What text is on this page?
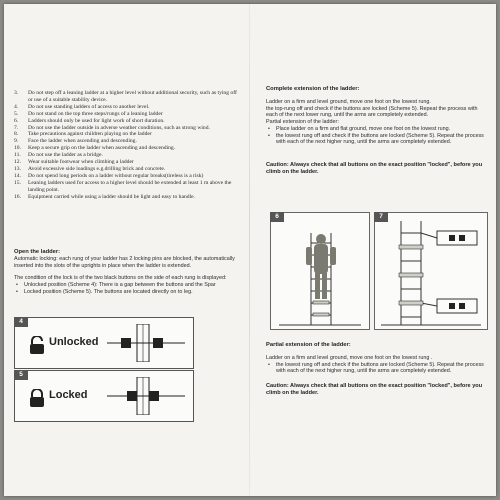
3. Do not step off a leaning ladder at a higher level without additional security, such as tying off
or use of a suitable stability device.
4. Do not use standing ladders of access to another level.
5. Do not stand on the top three steps/rungs of a leaning ladder
6. Ladders should only be used for light work of short duration.
7. Do not use the ladder outside in adverse weather conditions, such as strong wind.
8. Take precautions against children playing on the ladder
9. Face the ladder when ascending and descending.
10. Keep a secure grip on the ladder when ascending and descending.
11. Do not use the ladder as a bridge.
12. Wear suitable footwear when climbing a ladder
13. Avoid excessive side loadings e.g.drilling brick and concrete.
14. Do not spend long periods on a ladder without regular breaks(tireless is a risk)
15. Leaning ladders used for access to a higher level should be extended at least 1 m above the
landing point.
16. Equipment carried while using a ladder should be light and easy to handle.
Open the ladder:
Automatic locking: each rung of your ladder has 2 locking pins are blocked, the automatically inserted into the slots of the uprights in place when the ladder is extended.
The condition of the lock is of the two black buttons on the side of each rung is displayed:
• Unlocked position (Scheme 4): There is a gap between the buttons and the Spar
• Locked position (Scheme 5). The buttons are located directly on to leg.
4
Unlocked
5
Locked
Complete extension of the ladder:
Ladder on a firm and level ground, move one foot on the lowest rung.
the top-rung off and check if the buttons are locked (Scheme 5). Repeat the process with each of the next lower rung, until the arms are completely extended.
Partial extension of the ladder:
• Place ladder on a firm and flat ground, move one foot on the lowest rung.
• the lowest rung off and check if the buttons are locked (Scheme 5). Repeat the process with each of the next higher rung, until the arms are completely extended.
Caution: Always check that all buttons on the exact position "locked", before you climb on the ladder.
6	7
Partial extension of the ladder:
Ladder on a firm and level ground, move one foot on the lowest rung .
• the lowest rung off and check if the buttons are locked (Scheme 5). Repeat the process with each of the next higher rung, until the arms are completely extended.
Caution: Always check that all buttons on the exact position "locked", before you climb on the ladder.
